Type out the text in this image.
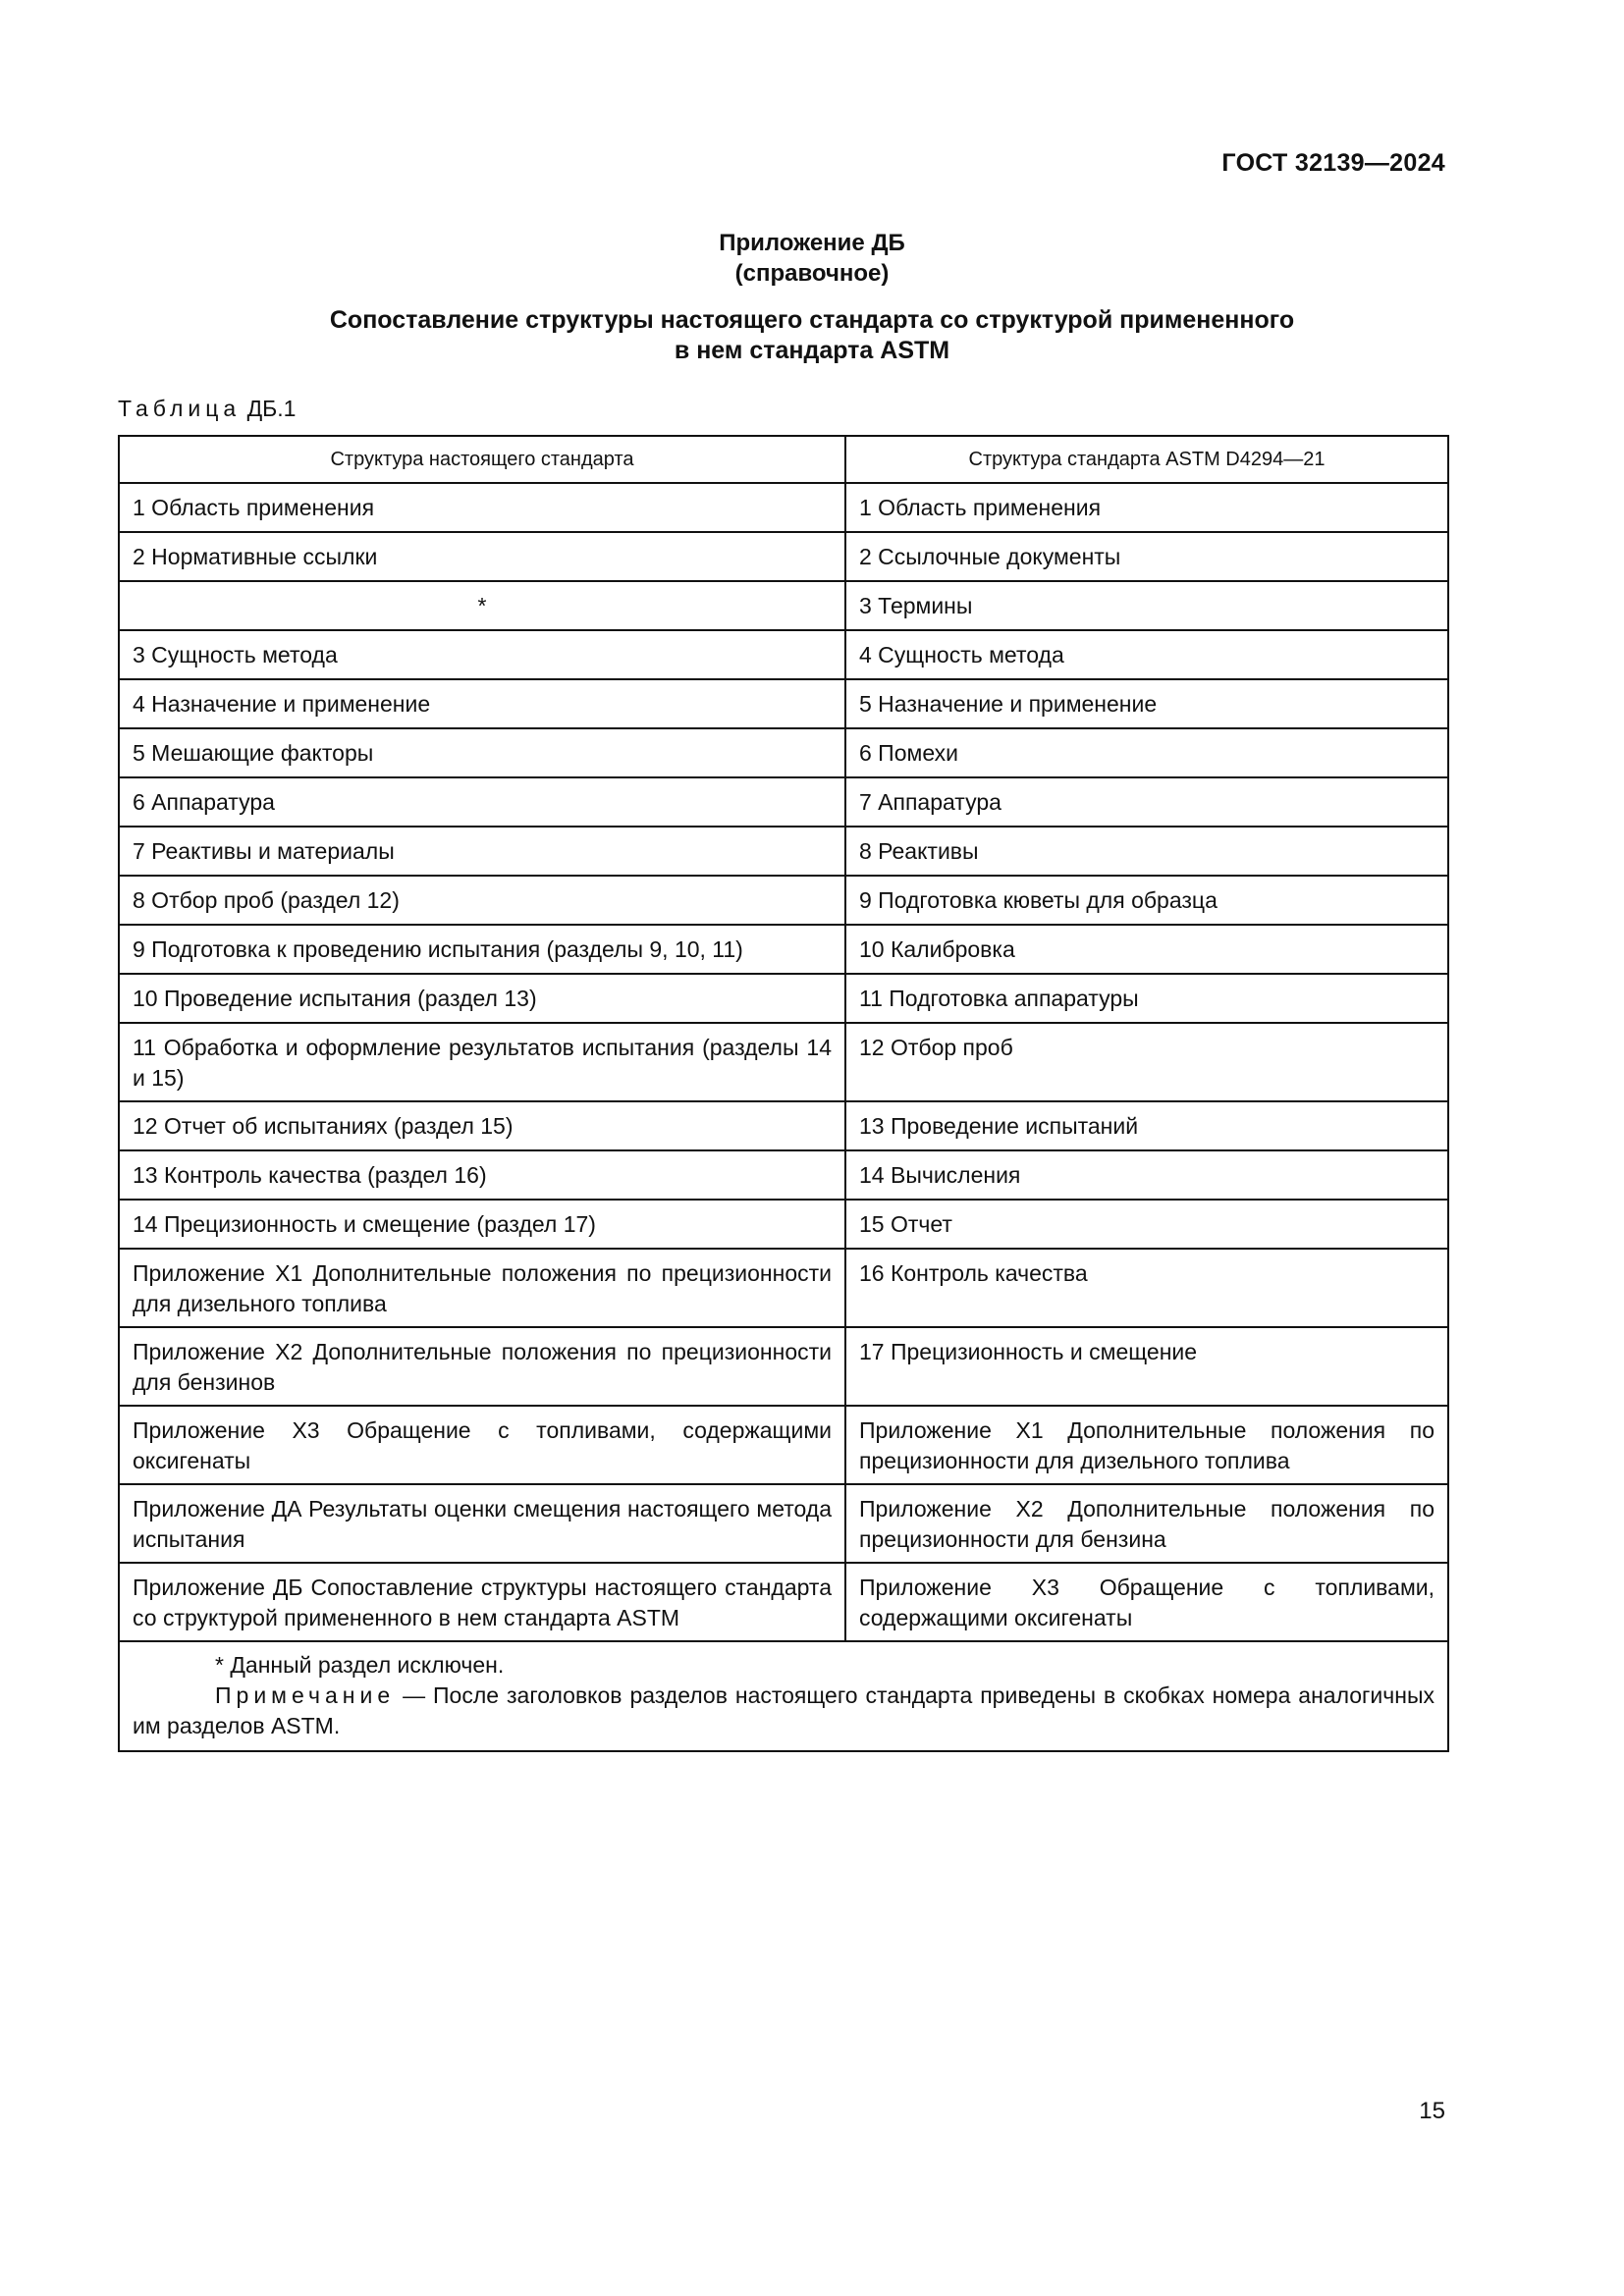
ГОСТ 32139—2024
Приложение ДБ
(справочное)
Сопоставление структуры настоящего стандарта со структурой примененного
в нем стандарта ASTM
Таблица ДБ.1
Структура настоящего стандарта	Структура стандарта ASTM D4294—21

1 Область применения	1 Область применения

2 Нормативные ссылки	2 Ссылочные документы

*	3 Термины

3 Сущность метода	4 Сущность метода

4 Назначение и применение	5 Назначение и применение

5 Мешающие факторы	6 Помехи

6 Аппаратура	7 Аппаратура

7 Реактивы и материалы	8 Реактивы

8 Отбор проб (раздел 12)	9 Подготовка кюветы для образца

9 Подготовка к проведению испытания (разделы 9, 10, 11)	10 Калибровка

10 Проведение испытания (раздел 13)	11 Подготовка аппаратуры

11 Обработка и оформление результатов испытания (разделы 14 и 15)	12 Отбор проб

12 Отчет об испытаниях (раздел 15)	13 Проведение испытаний

13 Контроль качества (раздел 16)	14 Вычисления

14 Прецизионность и смещение (раздел 17)	15 Отчет

Приложение Х1 Дополнительные положения по прецизионности для дизельного топлива	16 Контроль качества

Приложение Х2 Дополнительные положения по прецизионности для бензинов	17 Прецизионность и смещение

Приложение Х3 Обращение с топливами, содержащими оксигенаты	Приложение Х1 Дополнительные положения по прецизионности для дизельного топлива

Приложение ДА Результаты оценки смещения настоящего метода испытания	Приложение Х2 Дополнительные положения по прецизионности для бензина

Приложение ДБ Сопоставление структуры настоящего стандарта со структурой примененного в нем стандарта ASTM	Приложение Х3 Обращение с топливами, содержащими оксигенаты

* Данный раздел исключен.
Примечание — После заголовков разделов настоящего стандарта приведены в скобках номера аналогичных им разделов ASTM.	
15
